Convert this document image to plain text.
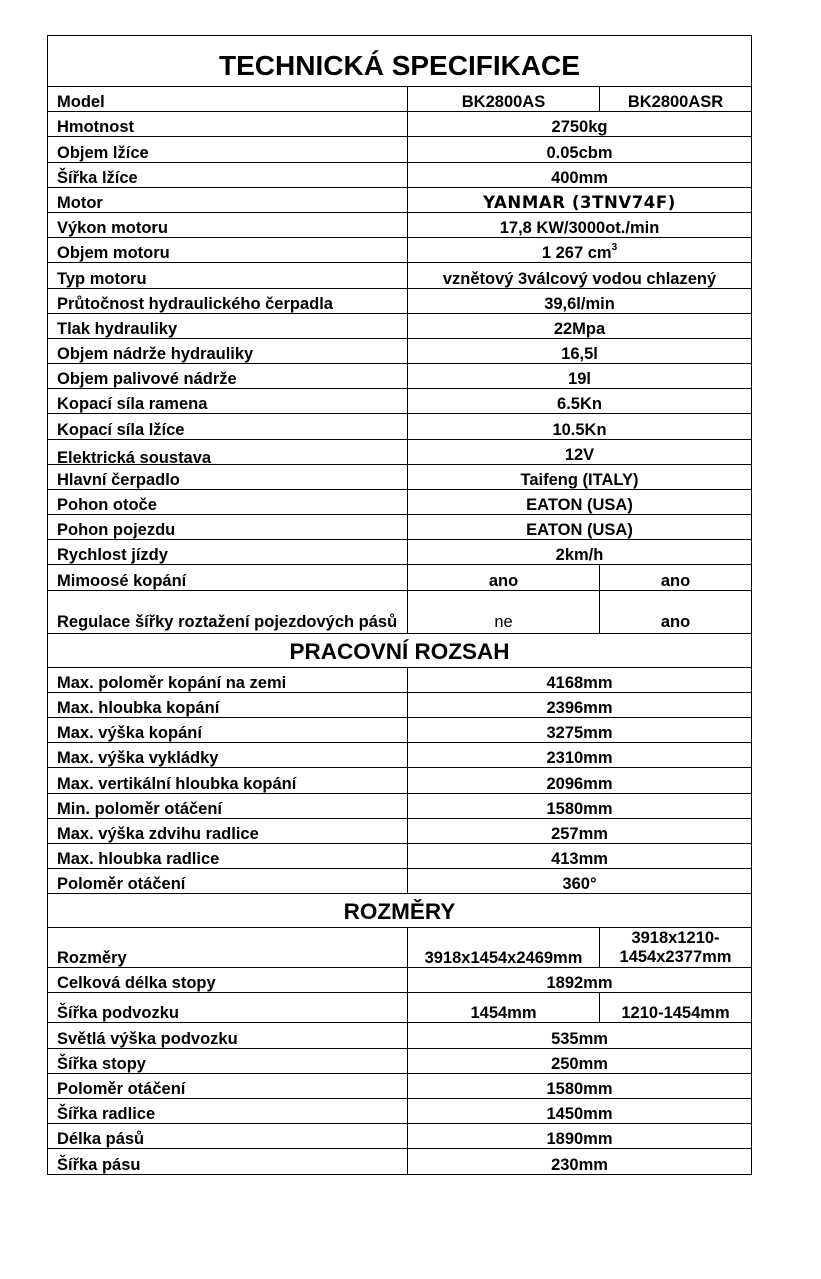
TECHNICKÁ SPECIFIKACE		
Model	BK2800AS	BK2800ASR
Hmotnost	2750kg	
Objem lžíce	0.05cbm	
Šířka lžíce	400mm	
Motor	YANMAR (3TNV74F)	
Výkon motoru	17,8 KW/3000ot./min	
Objem motoru	1 267 $cm^3$
Typ motoru	vznětový 3válcový vodou chlazený	
Průtočnost hydraulického čerpadla	39,6l/min	
Tlak hydrauliky	22Mpa	
Objem nádrže hydrauliky	16,5l	
Objem palivové nádrže	19l	
Kopací síla ramena	6.5Kn	
Kopací síla lžíce	10.5Kn	
Elektrická soustava	12V	
Hlavní čerpadlo	Taifeng (ITALY)	
Pohon otoče	EATON (USA)	
Pohon pojezdu	EATON (USA)	
Rychlost jízdy	2km/h	
Mimoosé kopání	ano	ano
Regulace šířky roztažení pojezdových pásů	ne	ano
PRACOVNÍ ROZSAH		
Max. poloměr kopání na zemi	4168mm	
Max. hloubka kopání	2396mm	
Max. výška kopání	3275mm	
Max. výška vykládky	2310mm	
Max. vertikální hloubka kopání	2096mm	
Min. poloměr otáčení	1580mm	
Max. výška zdvihu radlice	257mm	
Max. hloubka radlice	413mm	
Poloměr otáčení	360°	
ROZMĚRY		
Rozměry	3918x1454x2469mm	3918x1210-1454x2377mm
Celková délka stopy	1892mm	
Šířka podvozku	1454mm	1210-1454mm
Světlá výška podvozku	535mm	
Šířka stopy	250mm	
Poloměr otáčení	1580mm	
Šířka radlice	1450mm	
Délka pásů	1890mm	
Šířka pásu	230mm	
